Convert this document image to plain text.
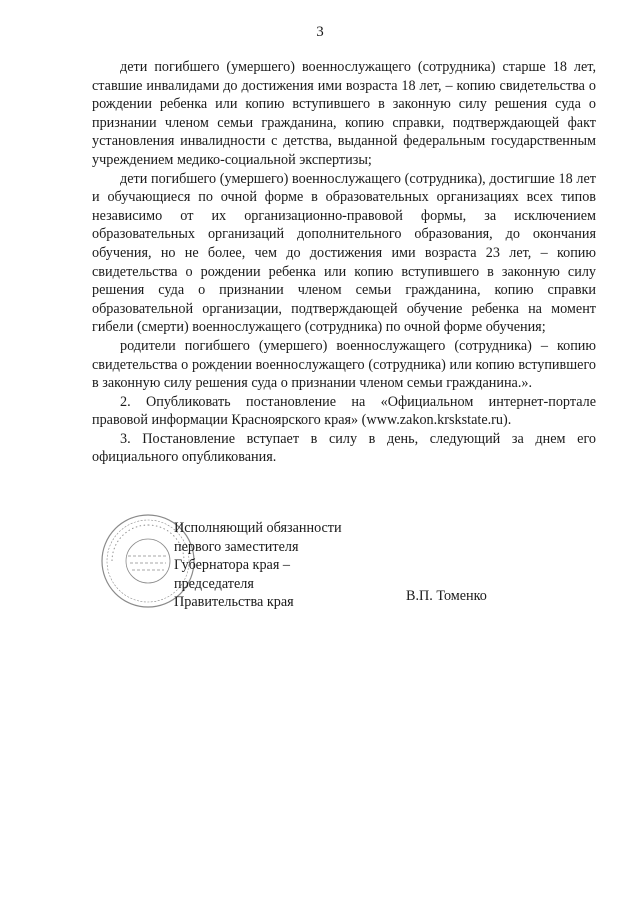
3

дети погибшего (умершего) военнослужащего (сотрудника) старше 18 лет, ставшие инвалидами до достижения ими возраста 18 лет, – копию свидетельства о рождении ребенка или копию вступившего в законную силу решения суда о признании членом семьи гражданина, копию справки, подтверждающей факт установления инвалидности с детства, выданной федеральным государственным учреждением медико-социальной экспертизы;

дети погибшего (умершего) военнослужащего (сотрудника), достигшие 18 лет и обучающиеся по очной форме в образовательных организациях всех типов независимо от их организационно-правовой формы, за исключением образовательных организаций дополнительного образования, до окончания обучения, но не более, чем до достижения ими возраста 23 лет, – копию свидетельства о рождении ребенка или копию вступившего в законную силу решения суда о признании членом семьи гражданина, копию справки образовательной организации, подтверждающей обучение ребенка на момент гибели (смерти) военнослужащего (сотрудника) по очной форме обучения;

родители погибшего (умершего) военнослужащего (сотрудника) – копию свидетельства о рождении военнослужащего (сотрудника) или копию вступившего в законную силу решения суда о признании членом семьи гражданина.».

2. Опубликовать постановление на «Официальном интернет-портале правовой информации Красноярского края» (www.zakon.krskstate.ru).

3. Постановление вступает в силу в день, следующий за днем его официального опубликования.

Исполняющий обязанности
первого заместителя
Губернатора края –
председателя
Правительства края	В.П. Томенко
